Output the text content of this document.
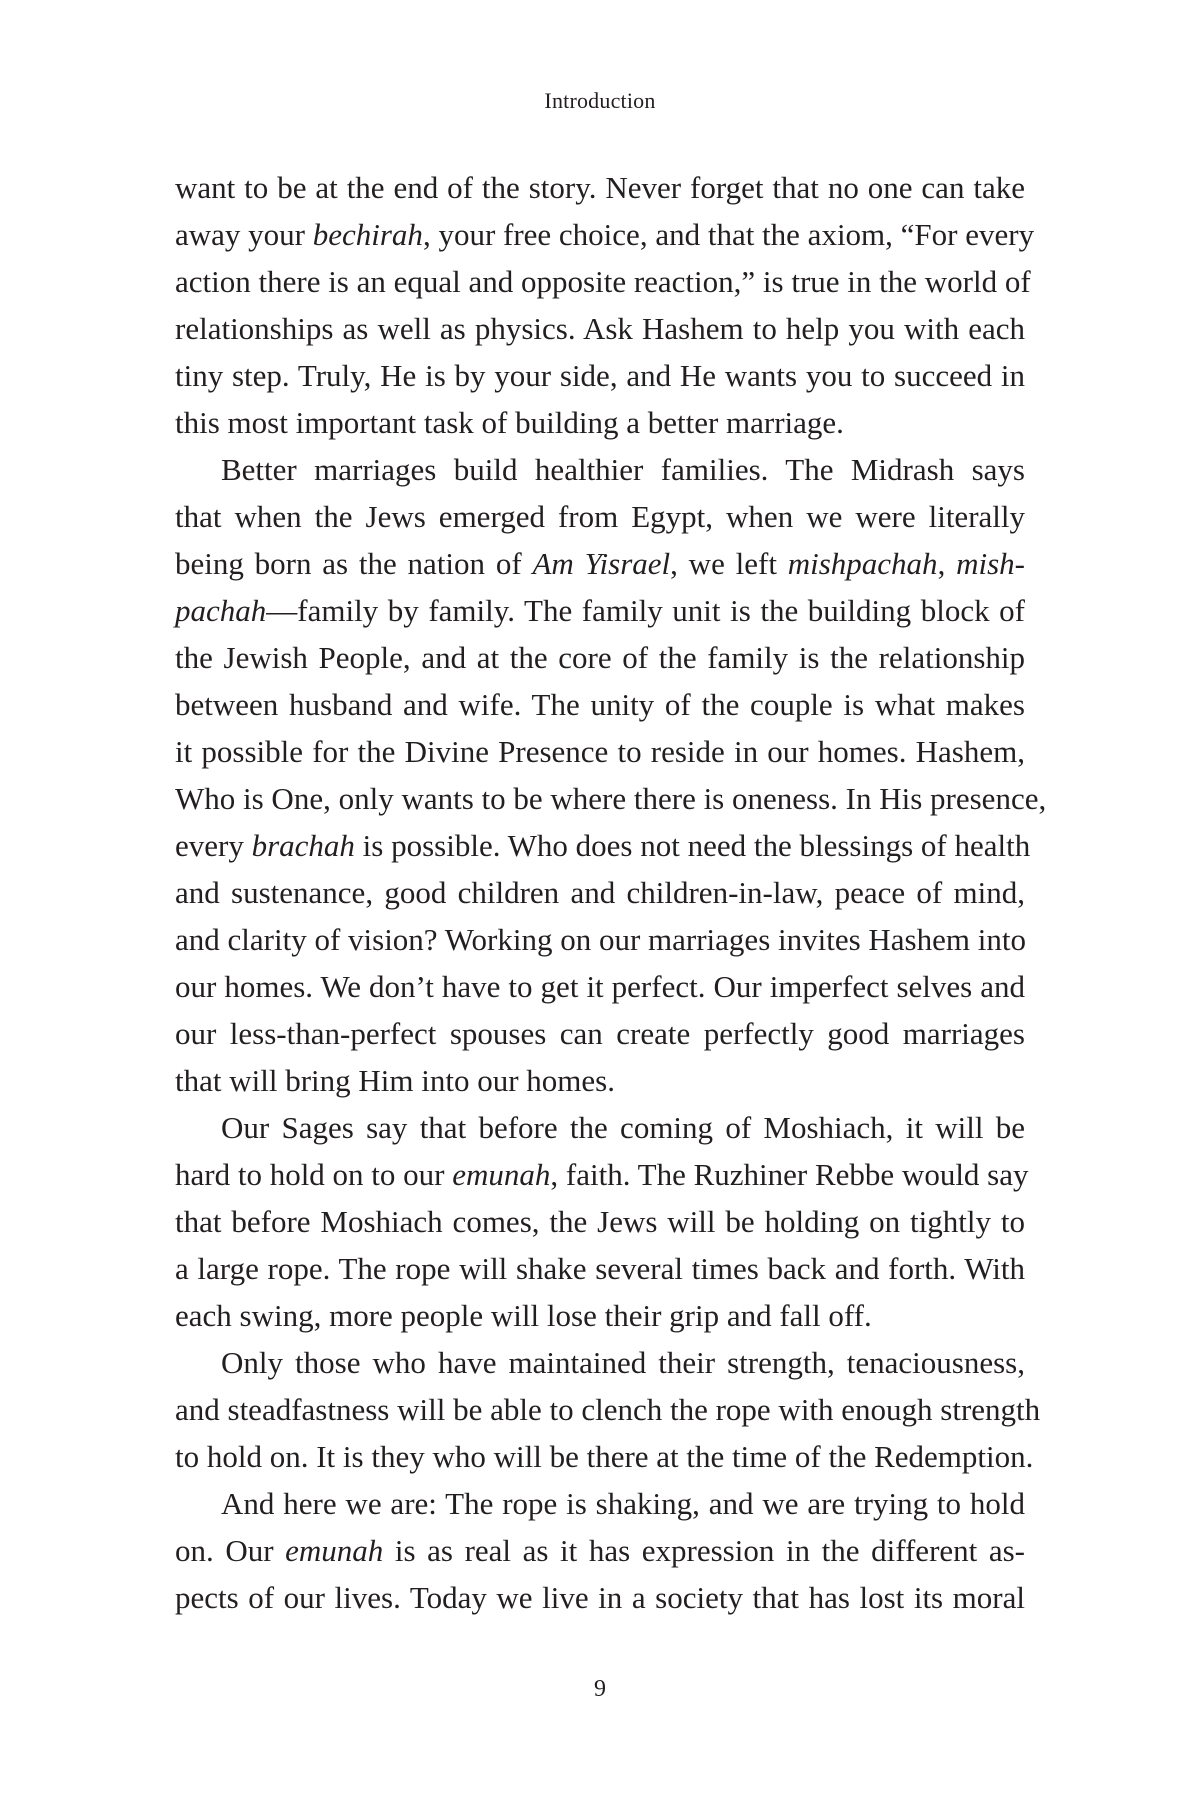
Introduction
want to be at the end of the story. Never forget that no one can take
away your bechirah, your free choice, and that the axiom, “For every
action there is an equal and opposite reaction,” is true in the world of
relationships as well as physics. Ask Hashem to help you with each
tiny step. Truly, He is by your side, and He wants you to succeed in
this most important task of building a better marriage.
Better marriages build healthier families. The Midrash says
that when the Jews emerged from Egypt, when we were literally
being born as the nation of Am Yisrael, we left mishpachah, mish-
pachah—family by family. The family unit is the building block of
the Jewish People, and at the core of the family is the relationship
between husband and wife. The unity of the couple is what makes
it possible for the Divine Presence to reside in our homes. Hashem,
Who is One, only wants to be where there is oneness. In His presence,
every brachah is possible. Who does not need the blessings of health
and sustenance, good children and children-in-law, peace of mind,
and clarity of vision? Working on our marriages invites Hashem into
our homes. We don’t have to get it perfect. Our imperfect selves and
our less-than-perfect spouses can create perfectly good marriages
that will bring Him into our homes.
Our Sages say that before the coming of Moshiach, it will be
hard to hold on to our emunah, faith. The Ruzhiner Rebbe would say
that before Moshiach comes, the Jews will be holding on tightly to
a large rope. The rope will shake several times back and forth. With
each swing, more people will lose their grip and fall off.
Only those who have maintained their strength, tenaciousness,
and steadfastness will be able to clench the rope with enough strength
to hold on. It is they who will be there at the time of the Redemption.
And here we are: The rope is shaking, and we are trying to hold
on. Our emunah is as real as it has expression in the different as-
pects of our lives. Today we live in a society that has lost its moral
9
